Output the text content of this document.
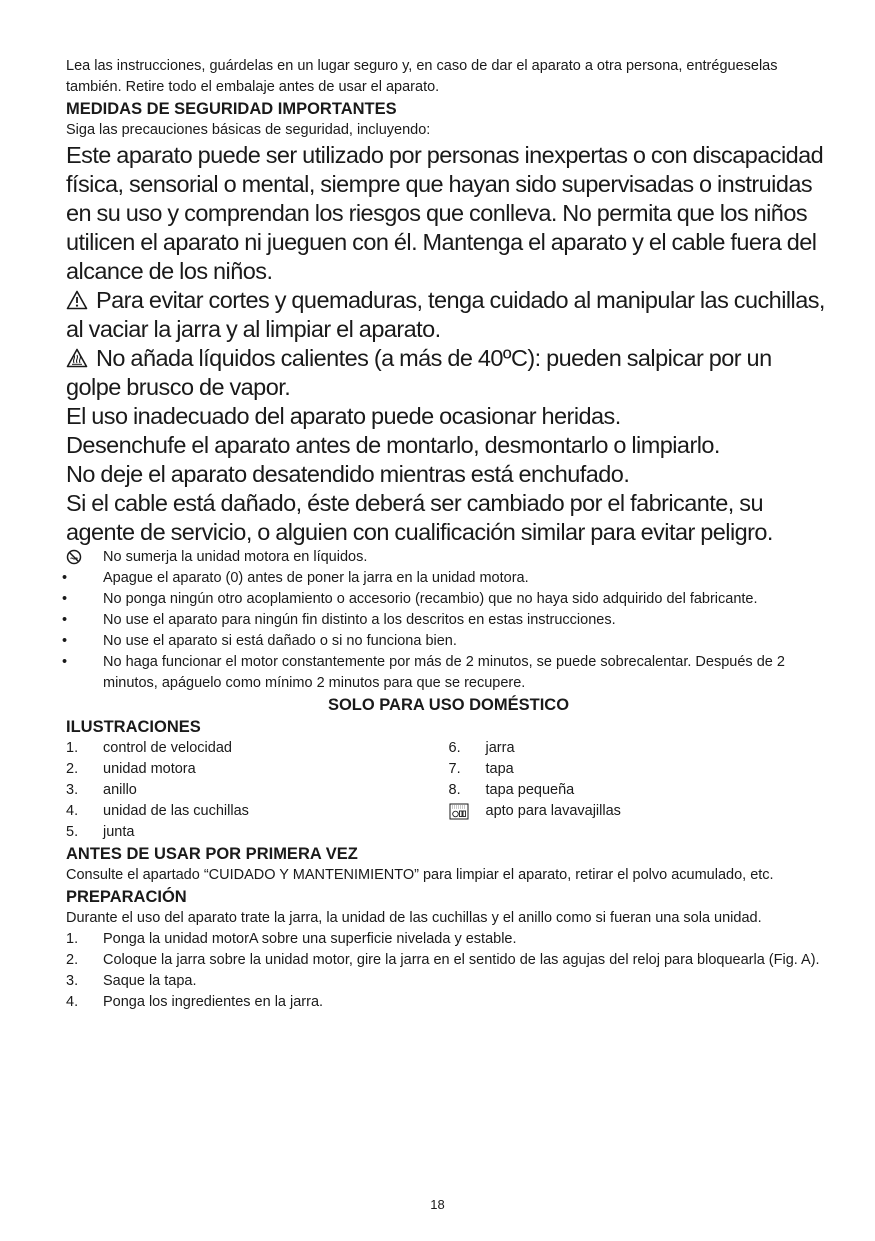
Lea las instrucciones, guárdelas en un lugar seguro y, en caso de dar el aparato a otra persona, entrégueselas también. Retire todo el embalaje antes de usar el aparato.

MEDIDAS DE SEGURIDAD IMPORTANTES

Siga las precauciones básicas de seguridad, incluyendo:

Este aparato puede ser utilizado por personas inexpertas o con discapacidad física, sensorial o mental, siempre que hayan sido supervisadas o instruidas en su uso y comprendan los riesgos que conlleva. No permita que los niños utilicen el aparato ni jueguen con él. Mantenga el aparato y el cable fuera del alcance de los niños.

Para evitar cortes y quemaduras, tenga cuidado al manipular las cuchillas, al vaciar la jarra y al limpiar el aparato.

No añada líquidos calientes (a más de 40ºC): pueden salpicar por un golpe brusco de vapor.

El uso inadecuado del aparato puede ocasionar heridas.

Desenchufe el aparato antes de montarlo, desmontarlo o limpiarlo.

No deje el aparato desatendido mientras está enchufado.

Si el cable está dañado, éste deberá ser cambiado por el fabricante, su agente de servicio, o alguien con cualificación similar para evitar peligro.

No sumerja la unidad motora en líquidos.
• Apague el aparato (0) antes de poner la jarra en la unidad motora.
• No ponga ningún otro acoplamiento o accesorio (recambio) que no haya sido adquirido del fabricante.
• No use el aparato para ningún fin distinto a los descritos en estas instrucciones.
• No use el aparato si está dañado o si no funciona bien.
• No haga funcionar el motor constantemente por más de 2 minutos, se puede sobrecalentar. Después de 2 minutos, apáguelo como mínimo 2 minutos para que se recupere.
SOLO PARA USO DOMÉSTICO

ILUSTRACIONES

1. control de velocidad
2. unidad motora
3. anillo
4. unidad de las cuchillas
5. junta
6. jarra
7. tapa
8. tapa pequeña
apto para lavavajillas

ANTES DE USAR POR PRIMERA VEZ

Consulte el apartado “CUIDADO Y MANTENIMIENTO” para limpiar el aparato, retirar el polvo acumulado, etc.

PREPARACIÓN

Durante el uso del aparato trate la jarra, la unidad de las cuchillas y el anillo como si fueran una sola unidad.

1. Ponga la unidad motorA sobre una superficie nivelada y estable.
2. Coloque la jarra sobre la unidad motor, gire la jarra en el sentido de las agujas del reloj para bloquearla (Fig. A).
3. Saque la tapa.
4. Ponga los ingredientes en la jarra.
18
